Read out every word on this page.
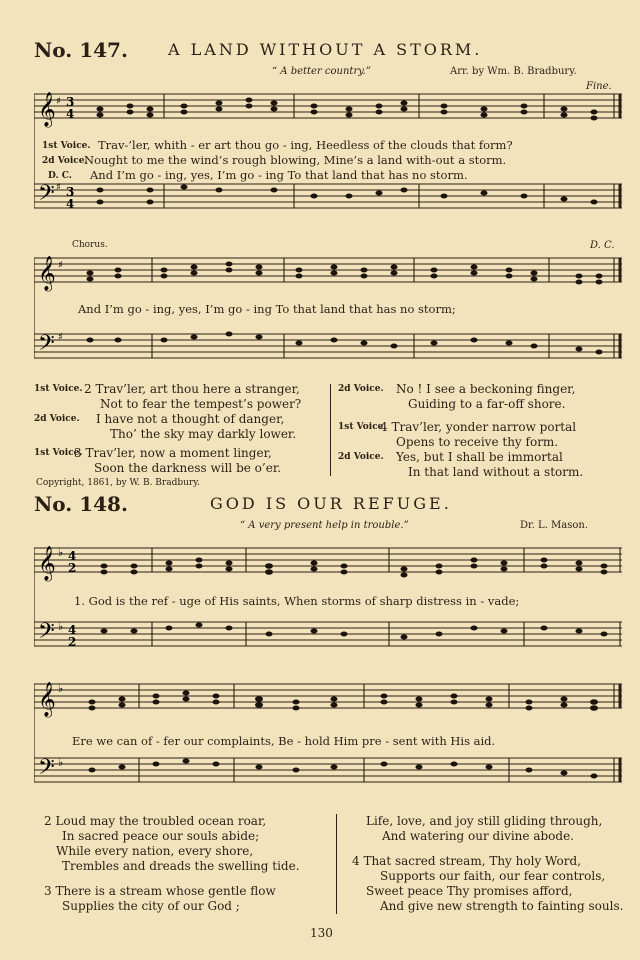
No. 147.	A LAND WITHOUT A STORM.
“ A better country.”	Arr. by Wm. B. Bradbury.
Fine.
𝄞
𝄢
♯
♯
3
4
3
4
1st Voice. Trav-’ler, whith - er art thou go - ing, Heedless of the clouds that form?
2d Voice.
Nought to me the wind’s rough blowing, Mine’s a land with-out a storm.
D. C. And I’m go - ing, yes, I’m go - ing To that land that has no storm.
Chorus.	D. C.
𝄞
𝄢
♯
♯
And I’m go - ing, yes, I’m go - ing To that land that has no storm;
1st Voice. 2 Trav’ler, art thou here a stranger,
Not to fear the tempest’s power?
2d Voice. I have not a thought of danger,
Tho’ the sky may darkly lower.
1st Voice.
3 Trav’ler, now a moment linger,
Soon the darkness will be o’er.
2d Voice. No ! I see a beckoning finger,
Guiding to a far-off shore.
1st Voice.
4 Trav’ler, yonder narrow portal
Opens to receive thy form.
2d Voice. Yes, but I shall be immortal
In that land without a storm.
Copyright, 1861, by W. B. Bradbury.
No. 148.	GOD IS OUR REFUGE.
“ A very present help in trouble.”	Dr. L. Mason.
𝄞
𝄢
♭
♭
4
2
4
2
1. God is the ref - uge of His saints, When storms of sharp distress in - vade;
𝄞
𝄢
♭
♭
Ere we can of - fer our complaints, Be - hold Him pre - sent with His aid.
2 Loud may the troubled ocean roar,
In sacred peace our souls abide;
While every nation, every shore,
Trembles and dreads the swelling tide.
3 There is a stream whose gentle flow
Supplies the city of our God ;
Life, love, and joy still gliding through,
And watering our divine abode.
4 That sacred stream, Thy holy Word,
Supports our faith, our fear controls,
Sweet peace Thy promises afford,
And give new strength to fainting souls.
130
